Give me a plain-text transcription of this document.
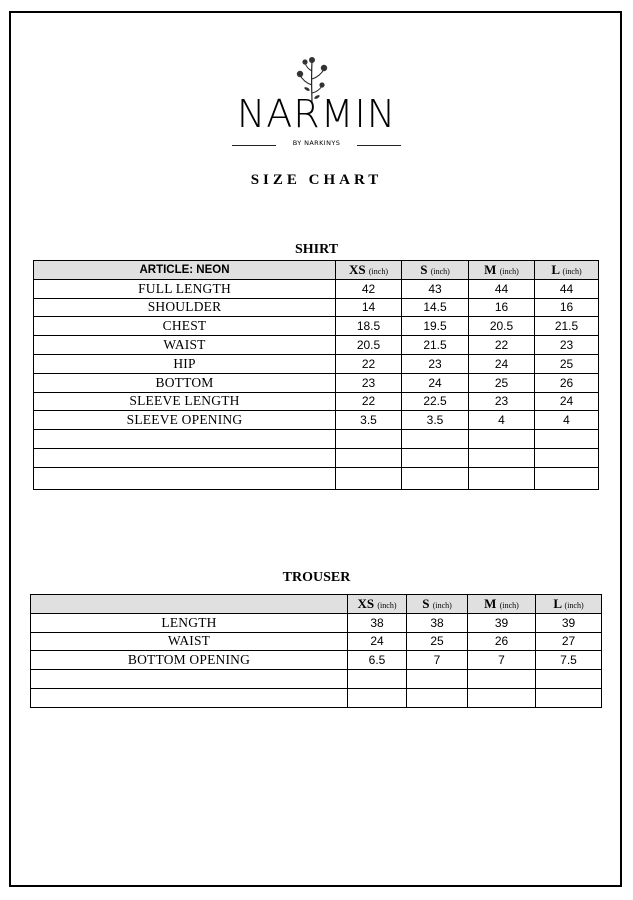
NARMIN
BY NARKINYS
SIZE CHART
SHIRT
ARTICLE: NEON	XS (inch)	S (inch)	M (inch)	L (inch)
FULL LENGTH	42	43	44	44
SHOULDER	14	14.5	16	16
CHEST	18.5	19.5	20.5	21.5
WAIST	20.5	21.5	22	23
HIP	22	23	24	25
BOTTOM	23	24	25	26
SLEEVE LENGTH	22	22.5	23	24
SLEEVE OPENING	3.5	3.5	4	4

TROUSER
	XS (inch)	S (inch)	M (inch)	L (inch)
LENGTH	38	38	39	39
WAIST	24	25	26	27
BOTTOM OPENING	6.5	7	7	7.5
